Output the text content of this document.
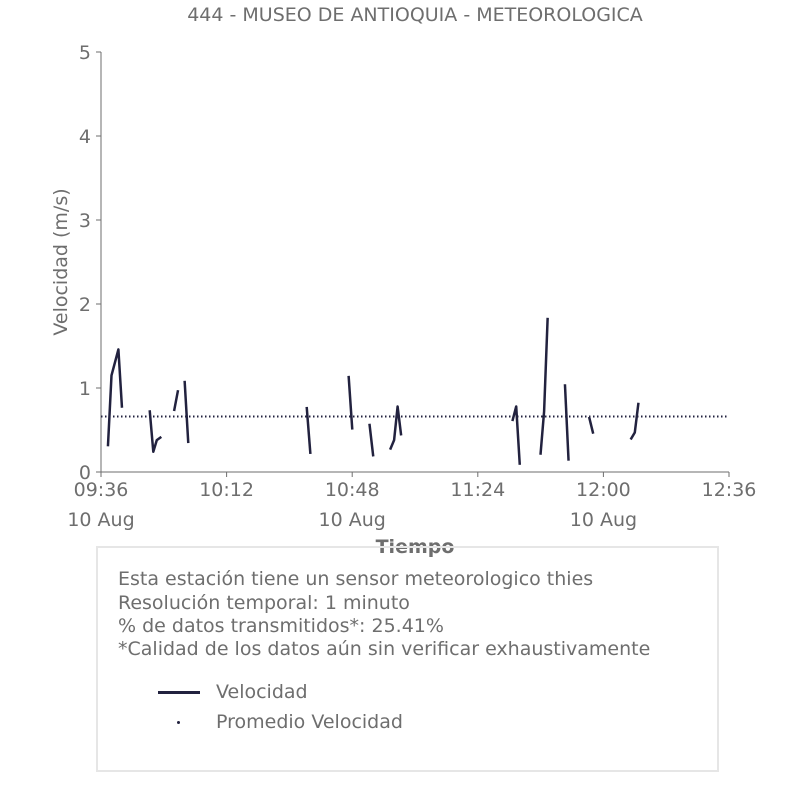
444 - MUSEO DE ANTIOQUIA - METEOROLOGICA
Velocidad (m/s)
Tiempo
0
1
2
3
4
5
09:36
10 Aug
10:12	10:48
10 Aug
11:24	12:00
10 Aug
12:36
Esta estación tiene un sensor meteorologico thies
Resolución temporal: 1 minuto
% de datos transmitidos*: 25.41%
*Calidad de los datos aún sin verificar exhaustivamente
Velocidad
Promedio Velocidad
